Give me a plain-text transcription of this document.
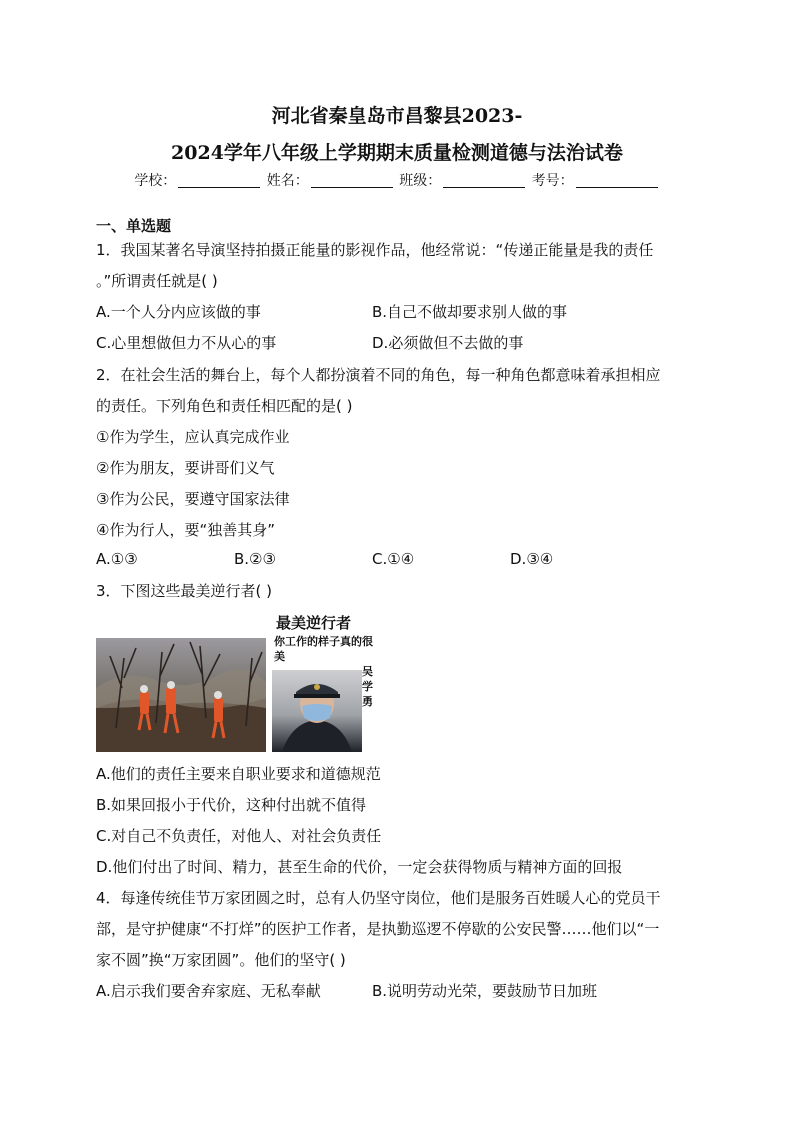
河北省秦皇岛市昌黎县2023-
2024学年八年级上学期期末质量检测道德与法治试卷
学校：	姓名：	班级：	考号：
一、单选题
1．我国某著名导演坚持拍摄正能量的影视作品，他经常说：“传递正能量是我的责任
。”所谓责任就是( )
A.一个人分内应该做的事	B.自己不做却要求别人做的事
C.心里想做但力不从心的事	D.必须做但不去做的事
2．在社会生活的舞台上，每个人都扮演着不同的角色，每一种角色都意味着承担相应
的责任。下列角色和责任相匹配的是( )
①作为学生，应认真完成作业
②作为朋友，要讲哥们义气
③作为公民，要遵守国家法律
④作为行人，要“独善其身”
A.①③	B.②③	C.①④	D.③④
3．下图这些最美逆行者( )
最美逆行者
你工作的样子真的很美
吴学勇
A.他们的责任主要来自职业要求和道德规范
B.如果回报小于代价，这种付出就不值得
C.对自己不负责任，对他人、对社会负责任
D.他们付出了时间、精力，甚至生命的代价，一定会获得物质与精神方面的回报
4．每逢传统佳节万家团圆之时，总有人仍坚守岗位，他们是服务百姓暖人心的党员干
部，是守护健康“不打烊”的医护工作者，是执勤巡逻不停歇的公安民警……他们以“一
家不圆”换“万家团圆”。他们的坚守( )
A.启示我们要舍弃家庭、无私奉献	B.说明劳动光荣，要鼓励节日加班
